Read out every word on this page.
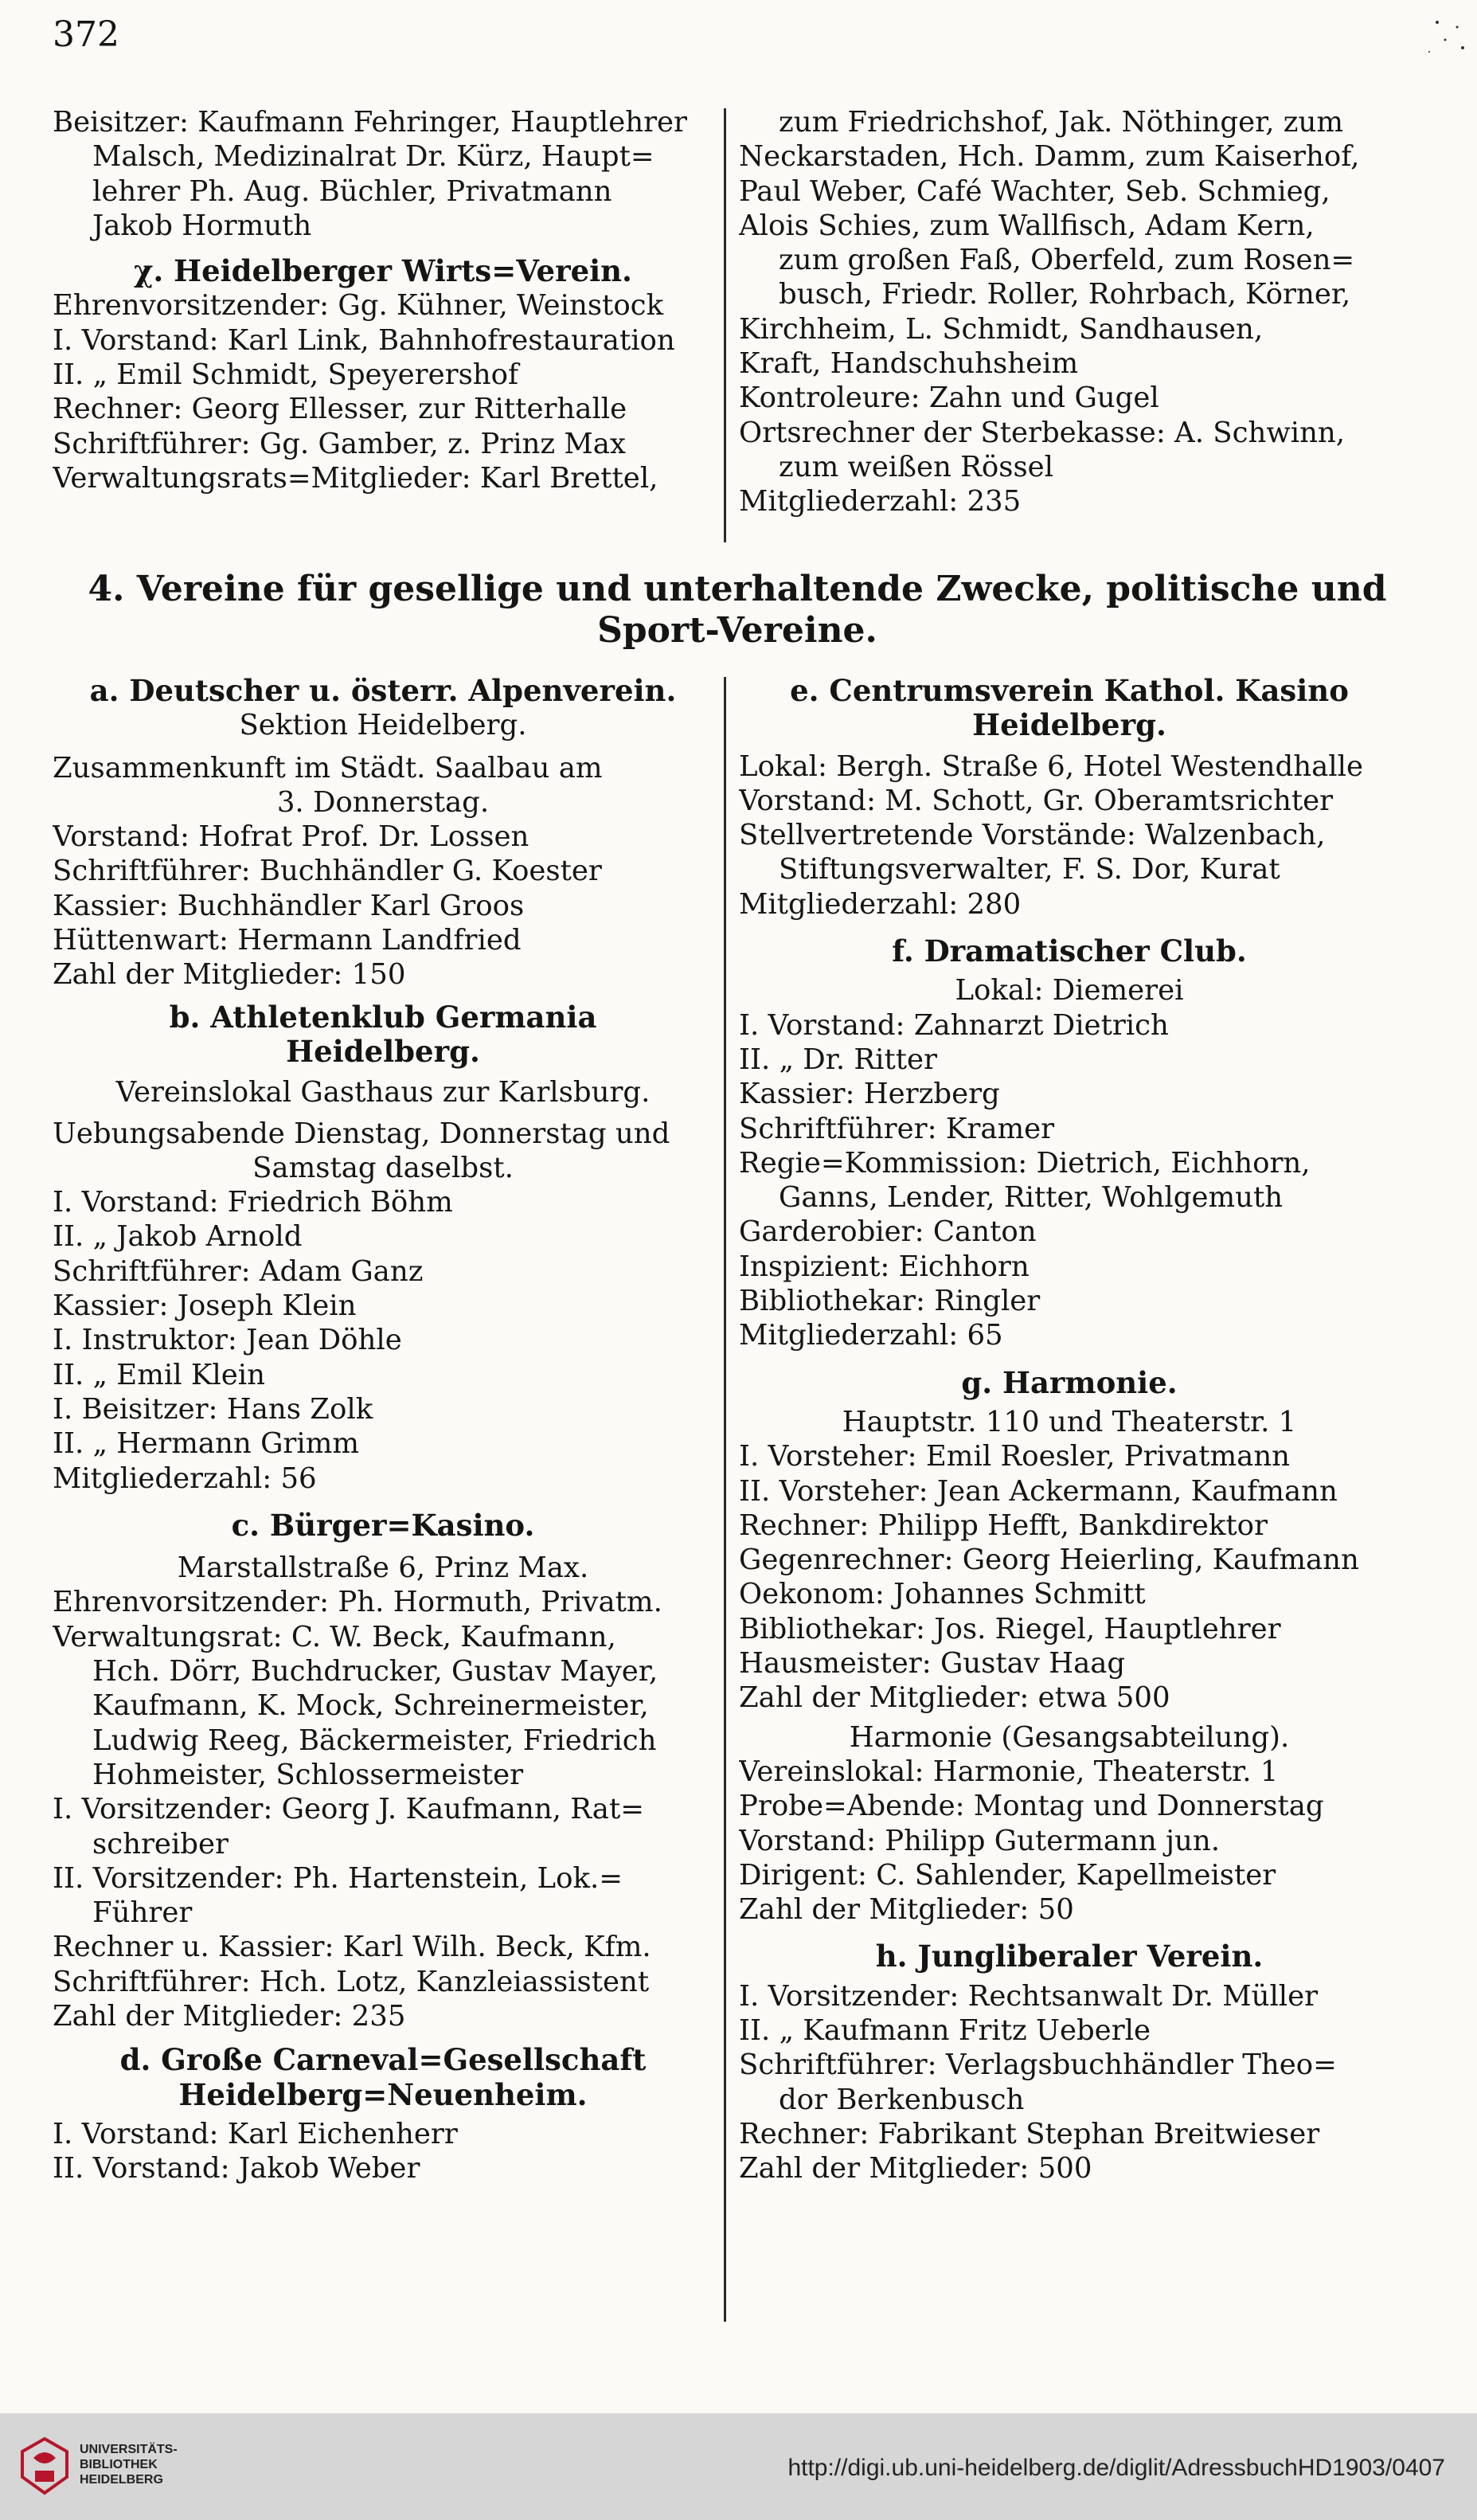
372
Beisitzer: Kaufmann Fehringer, Hauptlehrer
Malsch, Medizinalrat Dr. Kürz, Haupt=
lehrer Ph. Aug. Büchler, Privatmann
Jakob Hormuth
χ. Heidelberger Wirts=Verein.
Ehrenvorsitzender: Gg. Kühner, Weinstock
I. Vorstand: Karl Link, Bahnhofrestauration
II. „ Emil Schmidt, Speyerershof
Rechner: Georg Ellesser, zur Ritterhalle
Schriftführer: Gg. Gamber, z. Prinz Max
Verwaltungsrats=Mitglieder: Karl Brettel,
zum Friedrichshof, Jak. Nöthinger, zum
Neckarstaden, Hch. Damm, zum Kaiserhof,
Paul Weber, Café Wachter, Seb. Schmieg,
Alois Schies, zum Wallfisch, Adam Kern,
zum großen Faß, Oberfeld, zum Rosen=
busch, Friedr. Roller, Rohrbach, Körner,
Kirchheim, L. Schmidt, Sandhausen,
Kraft, Handschuhsheim
Kontroleure: Zahn und Gugel
Ortsrechner der Sterbekasse: A. Schwinn,
zum weißen Rössel
Mitgliederzahl: 235
4. Vereine für gesellige und unterhaltende Zwecke, politische und
Sport-Vereine.
a. Deutscher u. österr. Alpenverein.
Sektion Heidelberg.
Zusammenkunft im Städt. Saalbau am
3. Donnerstag.
Vorstand: Hofrat Prof. Dr. Lossen
Schriftführer: Buchhändler G. Koester
Kassier: Buchhändler Karl Groos
Hüttenwart: Hermann Landfried
Zahl der Mitglieder: 150
b. Athletenklub Germania
Heidelberg.
Vereinslokal Gasthaus zur Karlsburg.
Uebungsabende Dienstag, Donnerstag und
Samstag daselbst.
I. Vorstand: Friedrich Böhm
II. „ Jakob Arnold
Schriftführer: Adam Ganz
Kassier: Joseph Klein
I. Instruktor: Jean Döhle
II. „ Emil Klein
I. Beisitzer: Hans Zolk
II. „ Hermann Grimm
Mitgliederzahl: 56
c. Bürger=Kasino.
Marstallstraße 6, Prinz Max.
Ehrenvorsitzender: Ph. Hormuth, Privatm.
Verwaltungsrat: C. W. Beck, Kaufmann,
Hch. Dörr, Buchdrucker, Gustav Mayer,
Kaufmann, K. Mock, Schreinermeister,
Ludwig Reeg, Bäckermeister, Friedrich
Hohmeister, Schlossermeister
I. Vorsitzender: Georg J. Kaufmann, Rat=
schreiber
II. Vorsitzender: Ph. Hartenstein, Lok.=
Führer
Rechner u. Kassier: Karl Wilh. Beck, Kfm.
Schriftführer: Hch. Lotz, Kanzleiassistent
Zahl der Mitglieder: 235
d. Große Carneval=Gesellschaft
Heidelberg=Neuenheim.
I. Vorstand: Karl Eichenherr
II. Vorstand: Jakob Weber
e. Centrumsverein Kathol. Kasino
Heidelberg.
Lokal: Bergh. Straße 6, Hotel Westendhalle
Vorstand: M. Schott, Gr. Oberamtsrichter
Stellvertretende Vorstände: Walzenbach,
Stiftungsverwalter, F. S. Dor, Kurat
Mitgliederzahl: 280
f. Dramatischer Club.
Lokal: Diemerei
I. Vorstand: Zahnarzt Dietrich
II. „ Dr. Ritter
Kassier: Herzberg
Schriftführer: Kramer
Regie=Kommission: Dietrich, Eichhorn,
Ganns, Lender, Ritter, Wohlgemuth
Garderobier: Canton
Inspizient: Eichhorn
Bibliothekar: Ringler
Mitgliederzahl: 65
g. Harmonie.
Hauptstr. 110 und Theaterstr. 1
I. Vorsteher: Emil Roesler, Privatmann
II. Vorsteher: Jean Ackermann, Kaufmann
Rechner: Philipp Hefft, Bankdirektor
Gegenrechner: Georg Heierling, Kaufmann
Oekonom: Johannes Schmitt
Bibliothekar: Jos. Riegel, Hauptlehrer
Hausmeister: Gustav Haag
Zahl der Mitglieder: etwa 500
Harmonie (Gesangsabteilung).
Vereinslokal: Harmonie, Theaterstr. 1
Probe=Abende: Montag und Donnerstag
Vorstand: Philipp Gutermann jun.
Dirigent: C. Sahlender, Kapellmeister
Zahl der Mitglieder: 50
h. Jungliberaler Verein.
I. Vorsitzender: Rechtsanwalt Dr. Müller
II. „ Kaufmann Fritz Ueberle
Schriftführer: Verlagsbuchhändler Theo=
dor Berkenbusch
Rechner: Fabrikant Stephan Breitwieser
Zahl der Mitglieder: 500
UNIVERSITÄTS-
BIBLIOTHEK
HEIDELBERG	http://digi.ub.uni-heidelberg.de/diglit/AdressbuchHD1903/0407
